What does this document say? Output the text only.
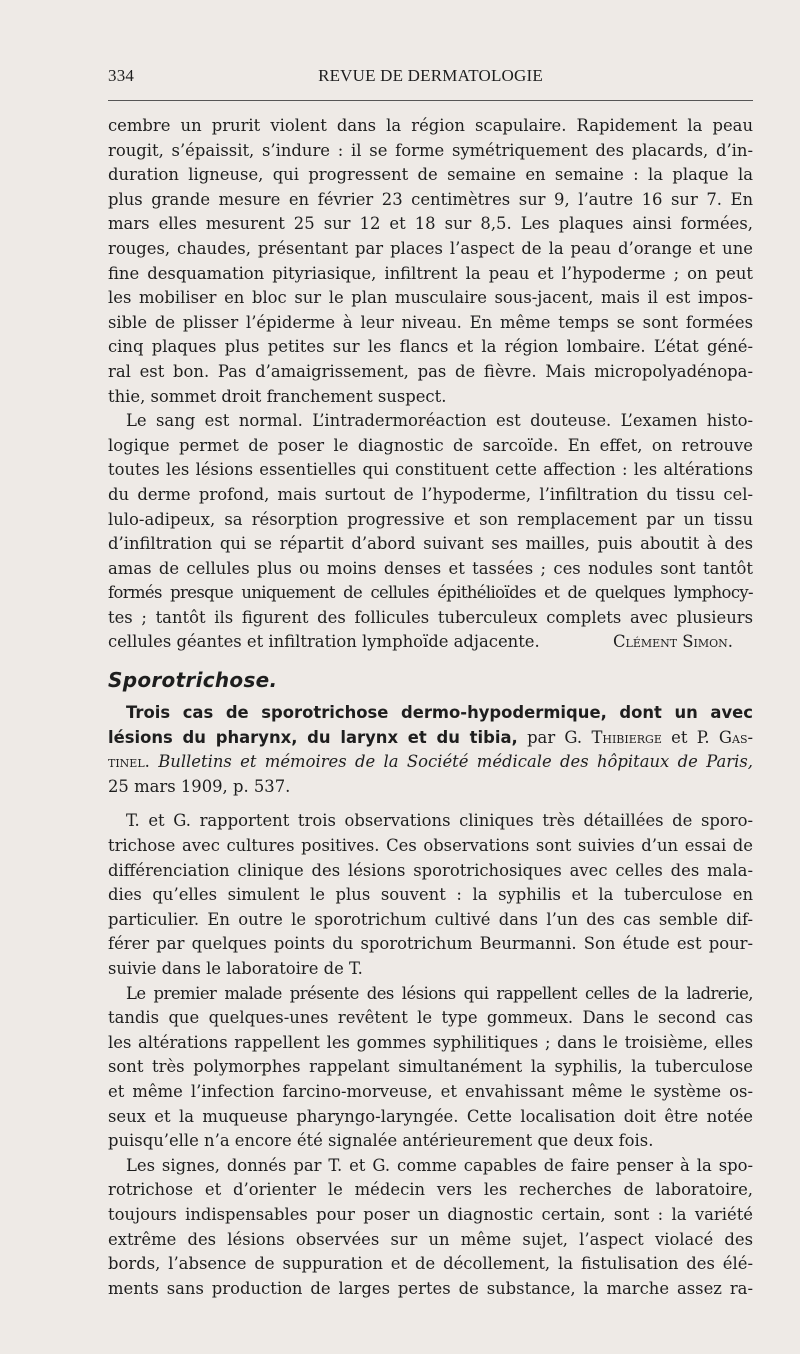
334	REVUE DE DERMATOLOGIE

cembre un prurit violent dans la région scapulaire. Rapidement la peau

rougit, s’épaissit, s’indure : il se forme symétriquement des placards, d’in-

duration ligneuse, qui progressent de semaine en semaine : la plaque la

plus grande mesure en février 23 centimètres sur 9, l’autre 16 sur 7. En

mars elles mesurent 25 sur 12 et 18 sur 8,5. Les plaques ainsi formées,

rouges, chaudes, présentant par places l’aspect de la peau d’orange et une

fine desquamation pityriasique, infiltrent la peau et l’hypoderme ; on peut

les mobiliser en bloc sur le plan musculaire sous-jacent, mais il est impos-

sible de plisser l’épiderme à leur niveau. En même temps se sont formées

cinq plaques plus petites sur les flancs et la région lombaire. L’état géné-

ral est bon. Pas d’amaigrissement, pas de fièvre. Mais micropolyadénopa-

thie, sommet droit franchement suspect.

Le sang est normal. L’intradermoréaction est douteuse. L’examen histo-

logique permet de poser le diagnostic de sarcoïde. En effet, on retrouve

toutes les lésions essentielles qui constituent cette affection : les altérations

du derme profond, mais surtout de l’hypoderme, l’infiltration du tissu cel-

lulo-adipeux, sa résorption progressive et son remplacement par un tissu

d’infiltration qui se répartit d’abord suivant ses mailles, puis aboutit à des

amas de cellules plus ou moins denses et tassées ; ces nodules sont tantôt

formés presque uniquement de cellules épithélioïdes et de quelques lymphocy-

tes ; tantôt ils figurent des follicules tuberculeux complets avec plusieurs

cellules géantes et infiltration lymphoïde adjacente.	Clément Simon.

Sporotrichose.

Trois cas de sporotrichose dermo-hypodermique, dont un avec

lésions du pharynx, du larynx et du tibia, par G. Thibierge et P. Gas-

tinel. Bulletins et mémoires de la Société médicale des hôpitaux de Paris,

25 mars 1909, p. 537.

T. et G. rapportent trois observations cliniques très détaillées de sporo-

trichose avec cultures positives. Ces observations sont suivies d’un essai de

différenciation clinique des lésions sporotrichosiques avec celles des mala-

dies qu’elles simulent le plus souvent : la syphilis et la tuberculose en

particulier. En outre le sporotrichum cultivé dans l’un des cas semble dif-

férer par quelques points du sporotrichum Beurmanni. Son étude est pour-

suivie dans le laboratoire de T.

Le premier malade présente des lésions qui rappellent celles de la ladrerie,

tandis que quelques-unes revêtent le type gommeux. Dans le second cas

les altérations rappellent les gommes syphilitiques ; dans le troisième, elles

sont très polymorphes rappelant simultanément la syphilis, la tuberculose

et même l’infection farcino-morveuse, et envahissant même le système os-

seux et la muqueuse pharyngo-laryngée. Cette localisation doit être notée

puisqu’elle n’a encore été signalée antérieurement que deux fois.

Les signes, donnés par T. et G. comme capables de faire penser à la spo-

rotrichose et d’orienter le médecin vers les recherches de laboratoire,

toujours indispensables pour poser un diagnostic certain, sont : la variété

extrême des lésions observées sur un même sujet, l’aspect violacé des

bords, l’absence de suppuration et de décollement, la fistulisation des élé-

ments sans production de larges pertes de substance, la marche assez ra-
